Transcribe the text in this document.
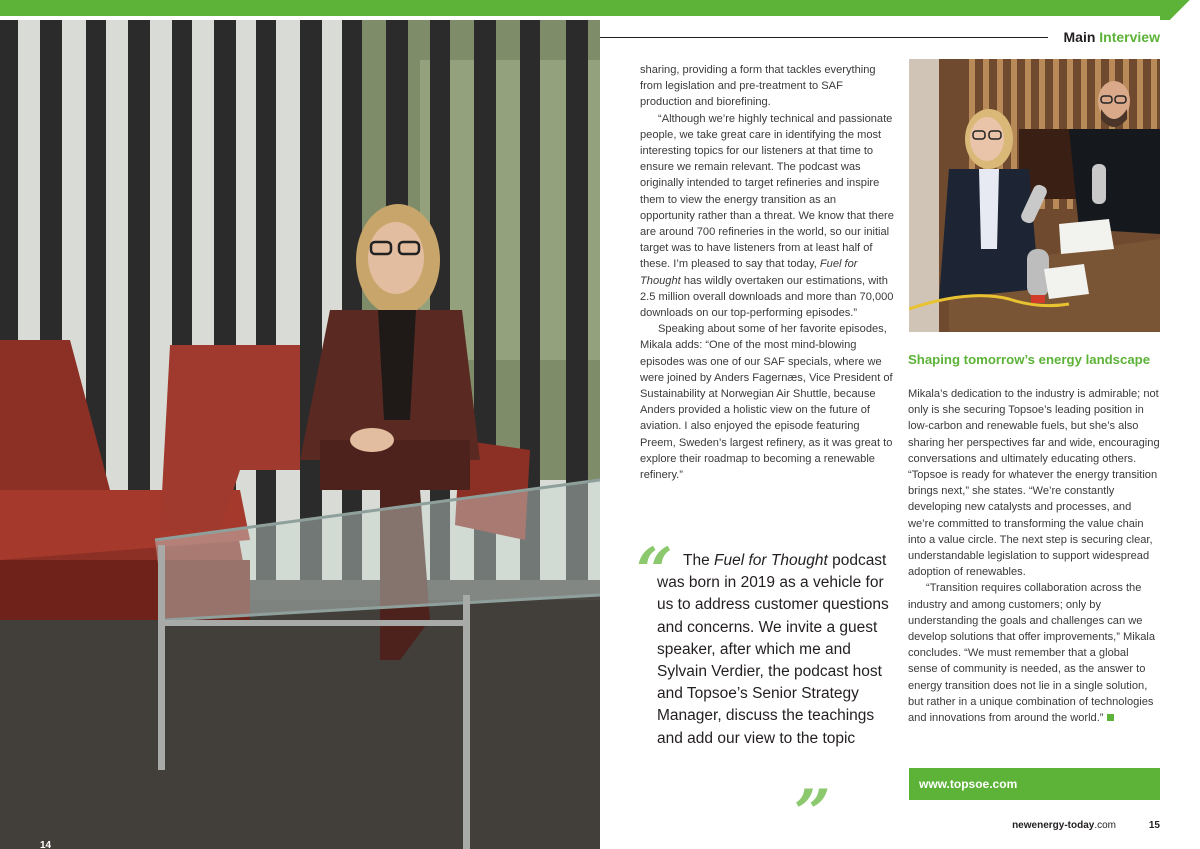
14
Main Interview

sharing, providing a form that tackles everything from legislation and pre-treatment to SAF production and biorefining.

“Although we’re highly technical and passionate people, we take great care in identifying the most interesting topics for our listeners at that time to ensure we remain relevant. The podcast was originally intended to target refineries and inspire them to view the energy transition as an opportunity rather than a threat. We know that there are around 700 refineries in the world, so our initial target was to have listeners from at least half of these. I’m pleased to say that today, Fuel for Thought has wildly overtaken our estimations, with 2.5 million overall downloads and more than 70,000 downloads on our top-performing episodes.”

Speaking about some of her favorite episodes, Mikala adds: “One of the most mind-blowing episodes was one of our SAF specials, where we were joined by Anders Fagernæs, Vice President of Sustainability at Norwegian Air Shuttle, because Anders provided a holistic view on the future of aviation. I also enjoyed the episode featuring Preem, Sweden’s largest refinery, as it was great to explore their roadmap to becoming a renewable refinery.”

“ The Fuel for Thought podcast was born in 2019 as a vehicle for us to address customer questions and concerns. We invite a guest speaker, after which me and Sylvain Verdier, the podcast host and Topsoe’s Senior Strategy Manager, discuss the teachings and add our view to the topic
”
Shaping tomorrow’s energy landscape

Mikala’s dedication to the industry is admirable; not only is she securing Topsoe’s leading position in low-carbon and renewable fuels, but she’s also sharing her perspectives far and wide, encouraging conversations and ultimately educating others. “Topsoe is ready for whatever the energy transition brings next,” she states. “We’re constantly developing new catalysts and processes, and we’re committed to transforming the value chain into a value circle. The next step is securing clear, understandable legislation to support widespread adoption of renewables.

“Transition requires collaboration across the industry and among customers; only by understanding the goals and challenges can we develop solutions that offer improvements,” Mikala concludes. “We must remember that a global sense of community is needed, as the answer to energy transition does not lie in a single solution, but rather in a unique combination of technologies and innovations from around the world.”

www.topsoe.com
newenergy-today.com	15
